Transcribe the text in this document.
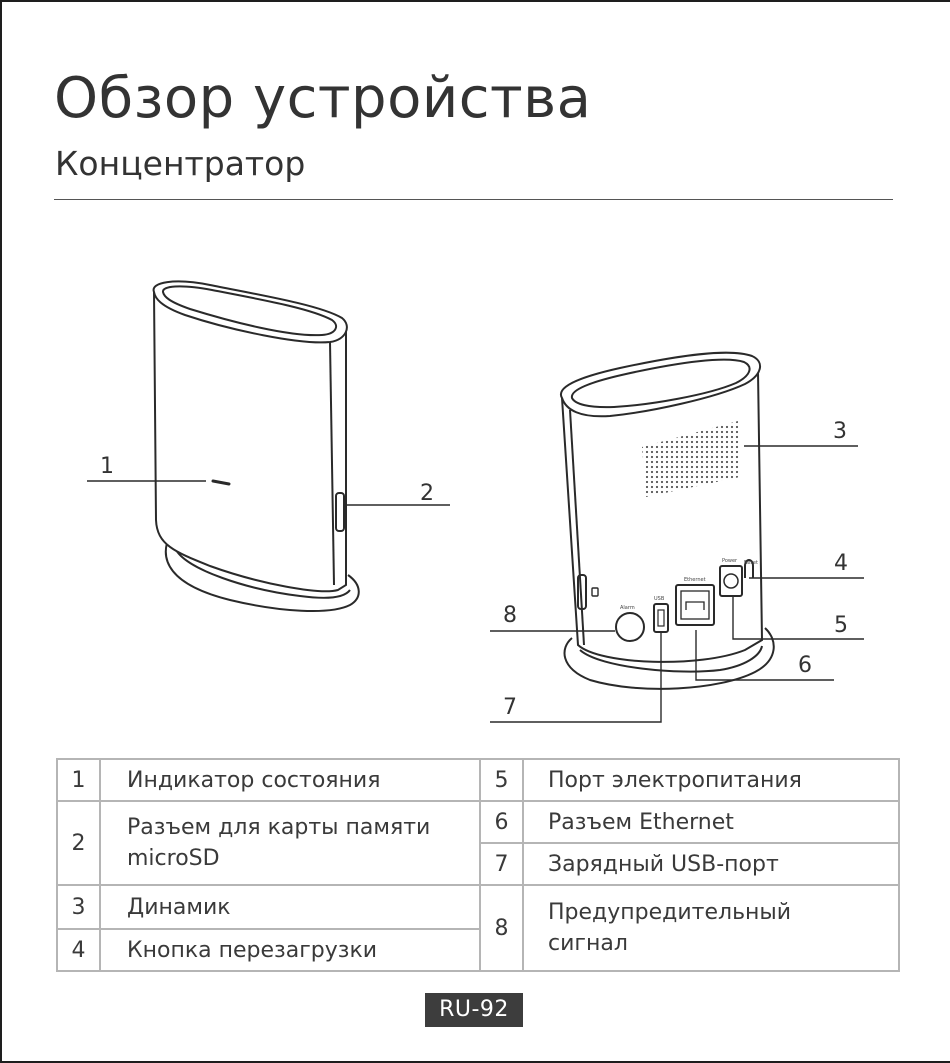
Обзор устройства
Концентратор
Alarm
USB
Ethernet
Power Reset
1
2
3
4
5
6
7
8
1	Индикатор состояния	5	Порт электропитания
2	Разъем для карты памяти microSD	6	Разъем Ethernet
		7	Зарядный USB-порт
3	Динамик	8	Предупредительный сигнал
4	Кнопка перезагрузки		
RU-92
